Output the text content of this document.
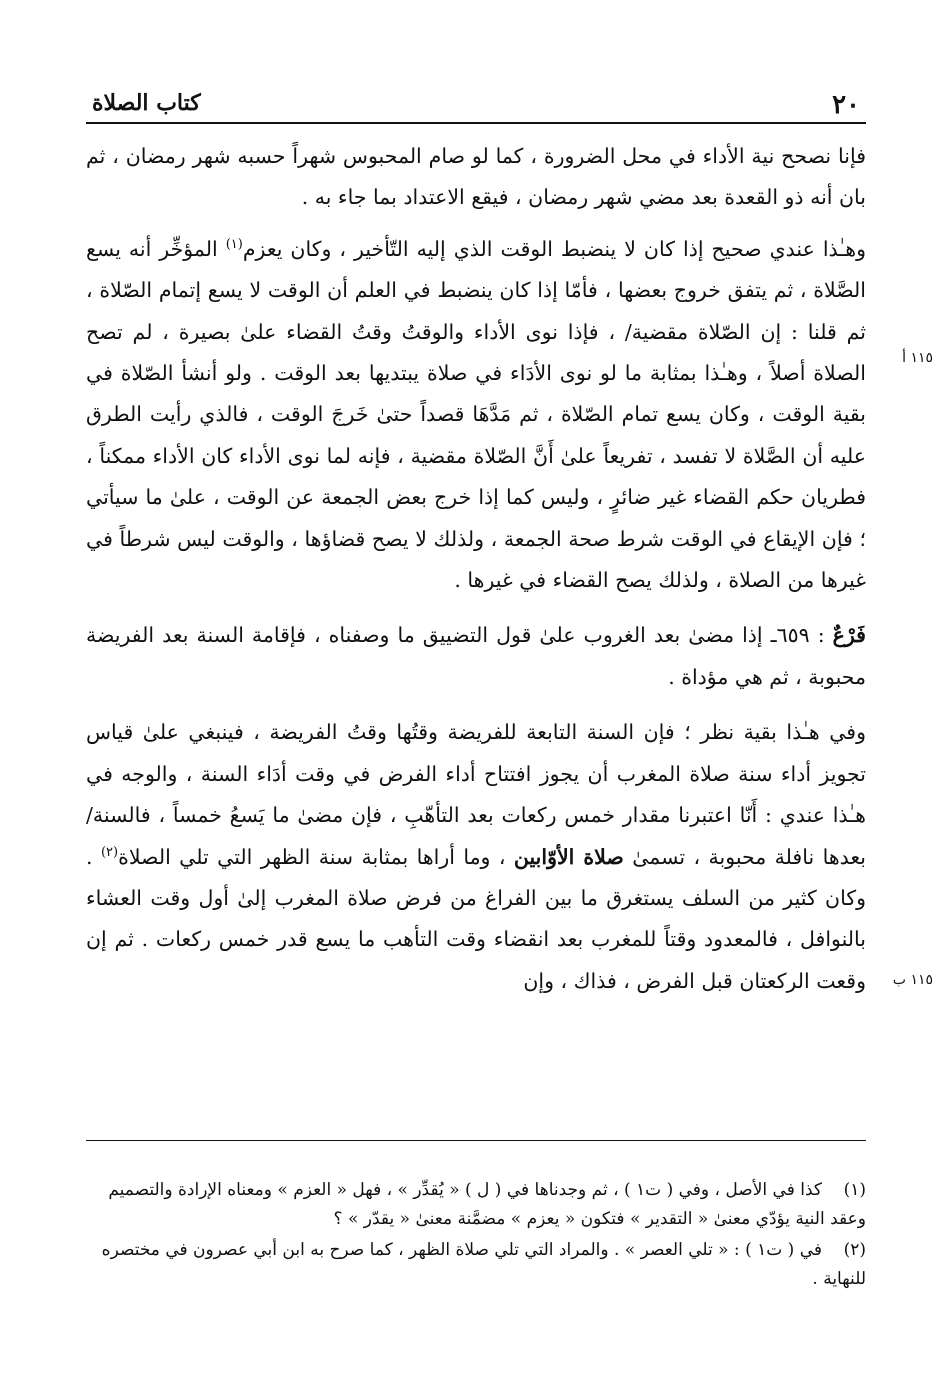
٢٠
كتاب الصلاة
١١٥ أ
١١٥ ب

فإنا نصحح نية الأداء في محل الضرورة ، كما لو صام المحبوس شهراً حسبه شهر رمضان ، ثم بان أنه ذو القعدة بعد مضي شهر رمضان ، فيقع الاعتداد بما جاء به .

وهـٰذا عندي صحيح إذا كان لا ينضبط الوقت الذي إليه التّأخير ، وكان يعزم$^{(١)}$ المؤخِّر أنه يسع الصَّلاة ، ثم يتفق خروج بعضها ، فأمّا إذا كان ينضبط في العلم أن الوقت لا يسع إتمام الصّلاة ، ثم قلنا : إن الصّلاة مقضية/ ، فإذا نوى الأداء والوقتُ وقتُ القضاء علىٰ بصيرة ، لم تصح الصلاة أصلاً ، وهـٰذا بمثابة ما لو نوى الأدَاء في صلاة يبتديها بعد الوقت . ولو أنشأ الصّلاة في بقية الوقت ، وكان يسع تمام الصّلاة ، ثم مَدَّهَا قصداً حتىٰ خَرجَ الوقت ، فالذي رأيت الطرق عليه أن الصَّلاة لا تفسد ، تفريعاً علىٰ أَنَّ الصّلاة مقضية ، فإنه لما نوى الأداء كان الأداء ممكناً ، فطريان حكم القضاء غير ضائرٍ ، وليس كما إذا خرج بعض الجمعة عن الوقت ، علىٰ ما سيأتي ؛ فإن الإيقاع في الوقت شرط صحة الجمعة ، ولذلك لا يصح قضاؤها ، والوقت ليس شرطاً في غيرها من الصلاة ، ولذلك يصح القضاء في غيرها .

فَرْعٌ : ٦٥٩ـ إذا مضىٰ بعد الغروب علىٰ قول التضييق ما وصفناه ، فإقامة السنة بعد الفريضة محبوبة ، ثم هي مؤداة .

وفي هـٰذا بقية نظر ؛ فإن السنة التابعة للفريضة وقتُها وقتُ الفريضة ، فينبغي علىٰ قياس تجويز أداء سنة صلاة المغرب أن يجوز افتتاح أداء الفرض في وقت أدَاء السنة ، والوجه في هـٰذا عندي : أَنّا اعتبرنا مقدار خمس ركعات بعد التأهّبِ ، فإن مضىٰ ما يَسعُ خمساً ، فالسنة/ بعدها نافلة محبوبة ، تسمىٰ صلاة الأوّابين ، وما أراها بمثابة سنة الظهر التي تلي الصلاة$^{(٢)}$ . وكان كثير من السلف يستغرق ما بين الفراغ من فرض صلاة المغرب إلىٰ أول وقت العشاء بالنوافل ، فالمعدود وقتاً للمغرب بعد انقضاء وقت التأهب ما يسع قدر خمس ركعات . ثم إن وقعت الركعتان قبل الفرض ، فذاك ، وإن

(١)كذا في الأصل ، وفي ( ت١ ) ، ثم وجدناها في ( ل ) « يُقدِّر » ، فهل « العزم » ومعناه الإرادة والتصميم وعقد النية يؤدّي معنىٰ « التقدير » فتكون « يعزم » مضمَّنة معنىٰ « يقدّر » ؟

(٢)في ( ت١ ) : « تلي العصر » . والمراد التي تلي صلاة الظهر ، كما صرح به ابن أبي عصرون في مختصره للنهاية .
